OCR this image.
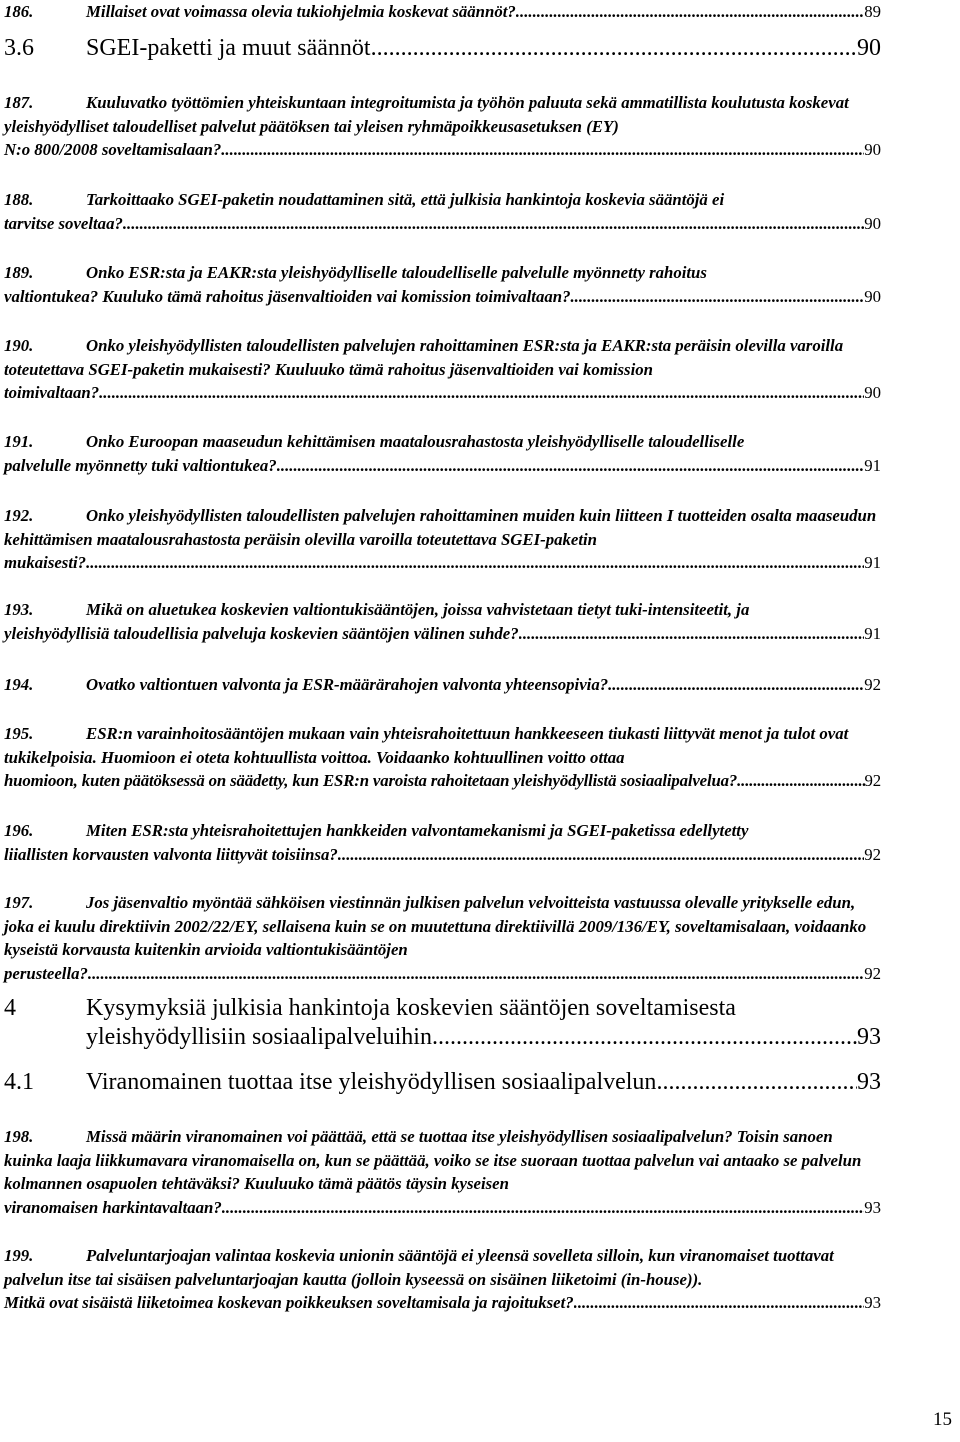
186.	Millaiset ovat voimassa olevia tukiohjelmia koskevat säännöt? .....	89
3.6 SGEI-paketti ja muut säännöt .....	90
187.	Kuuluvatko työttömien yhteiskuntaan integroitumista ja työhön paluuta sekä ammatillista koulutusta koskevat yleishyödylliset taloudelliset palvelut päätöksen tai yleisen ryhmäpoikkeusasetuksen (EY)

N:o 800/2008 soveltamisalaan? .....	90
188.	Tarkoittaako SGEI-paketin noudattaminen sitä, että julkisia hankintoja koskevia sääntöjä ei

tarvitse soveltaa? .....	90
189.	Onko ESR:sta ja EAKR:sta yleishyödylliselle taloudelliselle palvelulle myönnetty rahoitus

valtiontukea? Kuuluko tämä rahoitus jäsenvaltioiden vai komission toimivaltaan? .....	90
190.	Onko yleishyödyllisten taloudellisten palvelujen rahoittaminen ESR:sta ja EAKR:sta peräisin olevilla varoilla toteutettava SGEI-paketin mukaisesti? Kuuluuko tämä rahoitus jäsenvaltioiden vai komission

toimivaltaan? .....	90
191.	Onko Euroopan maaseudun kehittämisen maatalousrahastosta yleishyödylliselle taloudelliselle

palvelulle myönnetty tuki valtiontukea? .....	91
192.	Onko yleishyödyllisten taloudellisten palvelujen rahoittaminen muiden kuin liitteen I tuotteiden osalta maaseudun kehittämisen maatalousrahastosta peräisin olevilla varoilla toteutettava SGEI-paketin

mukaisesti? .....	91
193.	Mikä on aluetukea koskevien valtiontukisääntöjen, joissa vahvistetaan tietyt tuki-intensiteetit, ja

yleishyödyllisiä taloudellisia palveluja koskevien sääntöjen välinen suhde? .....	91
194.	Ovatko valtiontuen valvonta ja ESR-määrärahojen valvonta yhteensopivia? .....	92
195.	ESR:n varainhoitosääntöjen mukaan vain yhteisrahoitettuun hankkeeseen tiukasti liittyvät menot ja tulot ovat tukikelpoisia. Huomioon ei oteta kohtuullista voittoa. Voidaanko kohtuullinen voitto ottaa

huomioon, kuten päätöksessä on säädetty, kun ESR:n varoista rahoitetaan yleishyödyllistä sosiaalipalvelua? .....	92
196.	Miten ESR:sta yhteisrahoitettujen hankkeiden valvontamekanismi ja SGEI-paketissa edellytetty

liiallisten korvausten valvonta liittyvät toisiinsa? .....	92
197.	Jos jäsenvaltio myöntää sähköisen viestinnän julkisen palvelun velvoitteista vastuussa olevalle yritykselle edun, joka ei kuulu direktiivin 2002/22/EY, sellaisena kuin se on muutettuna direktiivillä 2009/136/EY, soveltamisalaan, voidaanko kyseistä korvausta kuitenkin arvioida valtiontukisääntöjen

perusteella? .....	92
4	Kysymyksiä julkisia hankintoja koskevien sääntöjen soveltamisesta

yleishyödyllisiin sosiaalipalveluihin .....	93
4.1 Viranomainen tuottaa itse yleishyödyllisen sosiaalipalvelun .....	93
198.	Missä määrin viranomainen voi päättää, että se tuottaa itse yleishyödyllisen sosiaalipalvelun? Toisin sanoen kuinka laaja liikkumavara viranomaisella on, kun se päättää, voiko se itse suoraan tuottaa palvelun vai antaako se palvelun kolmannen osapuolen tehtäväksi? Kuuluuko tämä päätös täysin kyseisen

viranomaisen harkintavaltaan? .....	93
199.	Palveluntarjoajan valintaa koskevia unionin sääntöjä ei yleensä sovelleta silloin, kun viranomaiset tuottavat palvelun itse tai sisäisen palveluntarjoajan kautta (jolloin kyseessä on sisäinen liiketoimi (in-house)).

Mitkä ovat sisäistä liiketoimea koskevan poikkeuksen soveltamisala ja rajoitukset? .....	93
15
